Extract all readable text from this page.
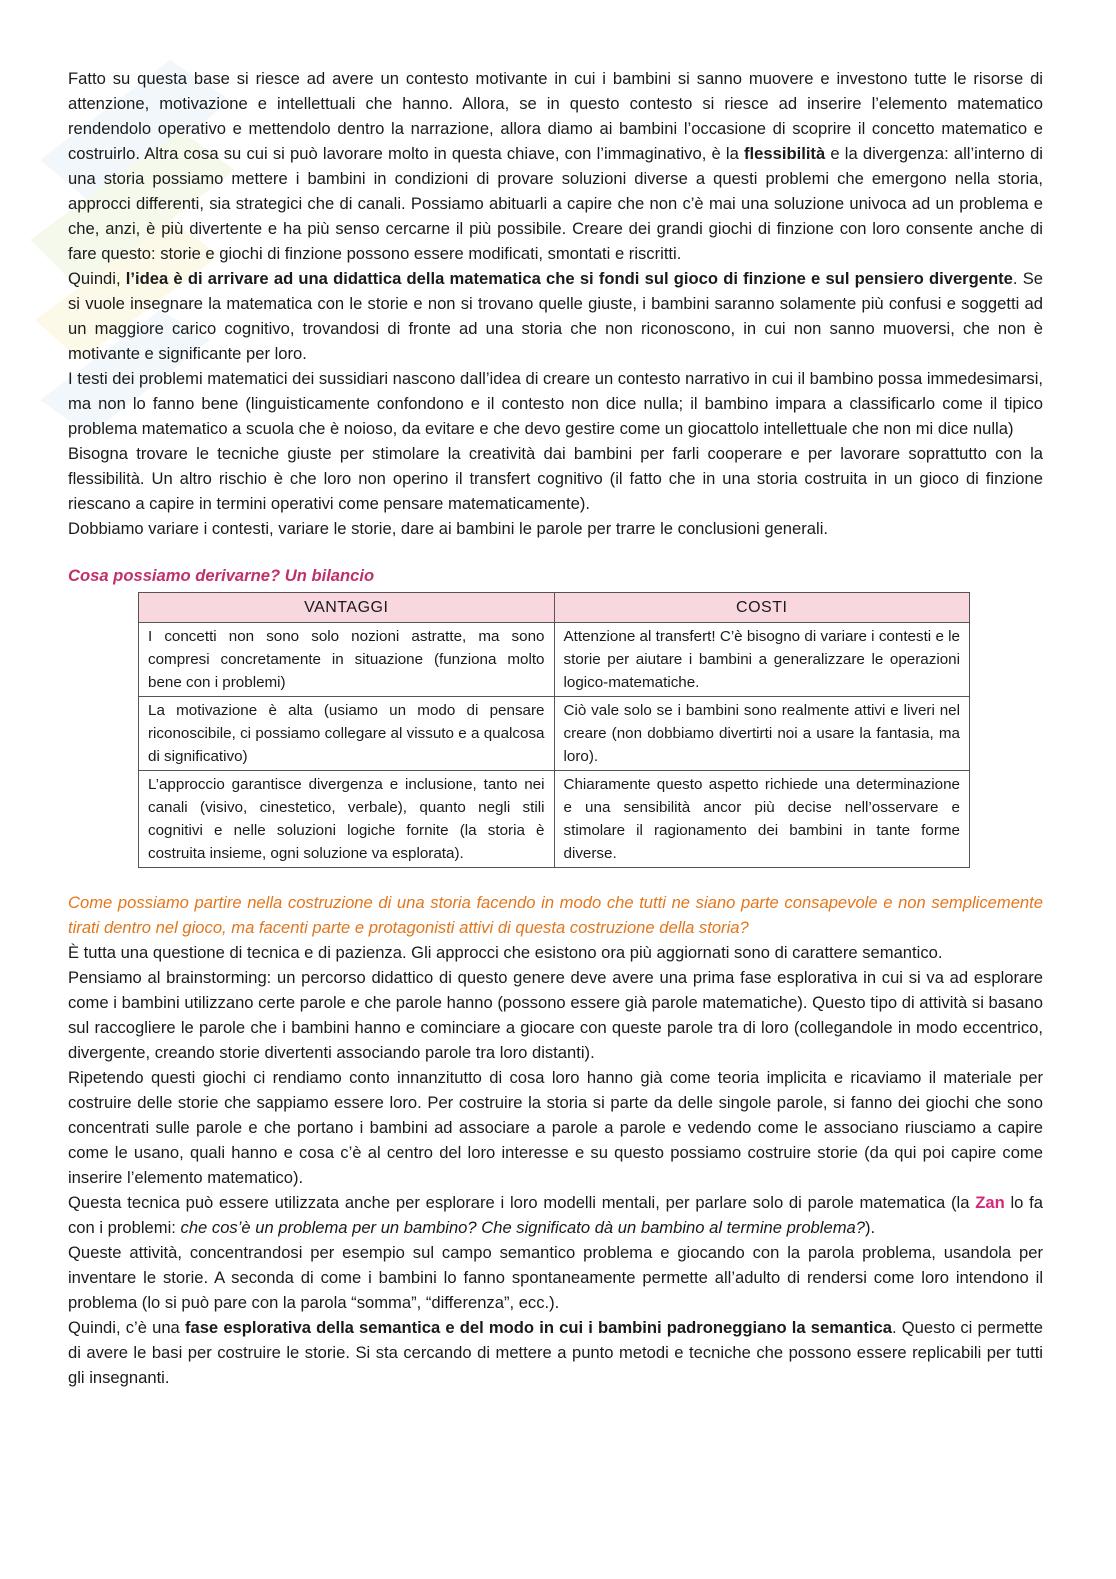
Fatto su questa base si riesce ad avere un contesto motivante in cui i bambini si sanno muovere e investono tutte le risorse di attenzione, motivazione e intellettuali che hanno. Allora, se in questo contesto si riesce ad inserire l’elemento matematico rendendolo operativo e mettendolo dentro la narrazione, allora diamo ai bambini l’occasione di scoprire il concetto matematico e costruirlo. Altra cosa su cui si può lavorare molto in questa chiave, con l’immaginativo, è la flessibilità e la divergenza: all’interno di una storia possiamo mettere i bambini in condizioni di provare soluzioni diverse a questi problemi che emergono nella storia, approcci differenti, sia strategici che di canali. Possiamo abituarli a capire che non c’è mai una soluzione univoca ad un problema e che, anzi, è più divertente e ha più senso cercarne il più possibile. Creare dei grandi giochi di finzione con loro consente anche di fare questo: storie e giochi di finzione possono essere modificati, smontati e riscritti.

Quindi, l’idea è di arrivare ad una didattica della matematica che si fondi sul gioco di finzione e sul pensiero divergente. Se si vuole insegnare la matematica con le storie e non si trovano quelle giuste, i bambini saranno solamente più confusi e soggetti ad un maggiore carico cognitivo, trovandosi di fronte ad una storia che non riconoscono, in cui non sanno muoversi, che non è motivante e significante per loro.

I testi dei problemi matematici dei sussidiari nascono dall’idea di creare un contesto narrativo in cui il bambino possa immedesimarsi, ma non lo fanno bene (linguisticamente confondono e il contesto non dice nulla; il bambino impara a classificarlo come il tipico problema matematico a scuola che è noioso, da evitare e che devo gestire come un giocattolo intellettuale che non mi dice nulla)

Bisogna trovare le tecniche giuste per stimolare la creatività dai bambini per farli cooperare e per lavorare soprattutto con la flessibilità. Un altro rischio è che loro non operino il transfert cognitivo (il fatto che in una storia costruita in un gioco di finzione riescano a capire in termini operativi come pensare matematicamente).

Dobbiamo variare i contesti, variare le storie, dare ai bambini le parole per trarre le conclusioni generali.

Cosa possiamo derivarne? Un bilancio

VANTAGGI	COSTI
I concetti non sono solo nozioni astratte, ma sono compresi concretamente in situazione (funziona molto bene con i problemi)	Attenzione al transfert! C’è bisogno di variare i contesti e le storie per aiutare i bambini a generalizzare le operazioni logico-matematiche.
La motivazione è alta (usiamo un modo di pensare riconoscibile, ci possiamo collegare al vissuto e a qualcosa di significativo)	Ciò vale solo se i bambini sono realmente attivi e liveri nel creare (non dobbiamo divertirti noi a usare la fantasia, ma loro).
L’approccio garantisce divergenza e inclusione, tanto nei canali (visivo, cinestetico, verbale), quanto negli stili cognitivi e nelle soluzioni logiche fornite (la storia è costruita insieme, ogni soluzione va esplorata).	Chiaramente questo aspetto richiede una determinazione e una sensibilità ancor più decise nell’osservare e stimolare il ragionamento dei bambini in tante forme diverse.

Come possiamo partire nella costruzione di una storia facendo in modo che tutti ne siano parte consapevole e non semplicemente tirati dentro nel gioco, ma facenti parte e protagonisti attivi di questa costruzione della storia?

È tutta una questione di tecnica e di pazienza. Gli approcci che esistono ora più aggiornati sono di carattere semantico.

Pensiamo al brainstorming: un percorso didattico di questo genere deve avere una prima fase esplorativa in cui si va ad esplorare come i bambini utilizzano certe parole e che parole hanno (possono essere già parole matematiche). Questo tipo di attività si basano sul raccogliere le parole che i bambini hanno e cominciare a giocare con queste parole tra di loro (collegandole in modo eccentrico, divergente, creando storie divertenti associando parole tra loro distanti).

Ripetendo questi giochi ci rendiamo conto innanzitutto di cosa loro hanno già come teoria implicita e ricaviamo il materiale per costruire delle storie che sappiamo essere loro. Per costruire la storia si parte da delle singole parole, si fanno dei giochi che sono concentrati sulle parole e che portano i bambini ad associare a parole a parole e vedendo come le associano riusciamo a capire come le usano, quali hanno e cosa c’è al centro del loro interesse e su questo possiamo costruire storie (da qui poi capire come inserire l’elemento matematico).

Questa tecnica può essere utilizzata anche per esplorare i loro modelli mentali, per parlare solo di parole matematica (la Zan lo fa con i problemi: che cos’è un problema per un bambino? Che significato dà un bambino al termine problema?).

Queste attività, concentrandosi per esempio sul campo semantico problema e giocando con la parola problema, usandola per inventare le storie. A seconda di come i bambini lo fanno spontaneamente permette all’adulto di rendersi come loro intendono il problema (lo si può pare con la parola “somma”, “differenza”, ecc.).

Quindi, c’è una fase esplorativa della semantica e del modo in cui i bambini padroneggiano la semantica. Questo ci permette di avere le basi per costruire le storie. Si sta cercando di mettere a punto metodi e tecniche che possono essere replicabili per tutti gli insegnanti.
